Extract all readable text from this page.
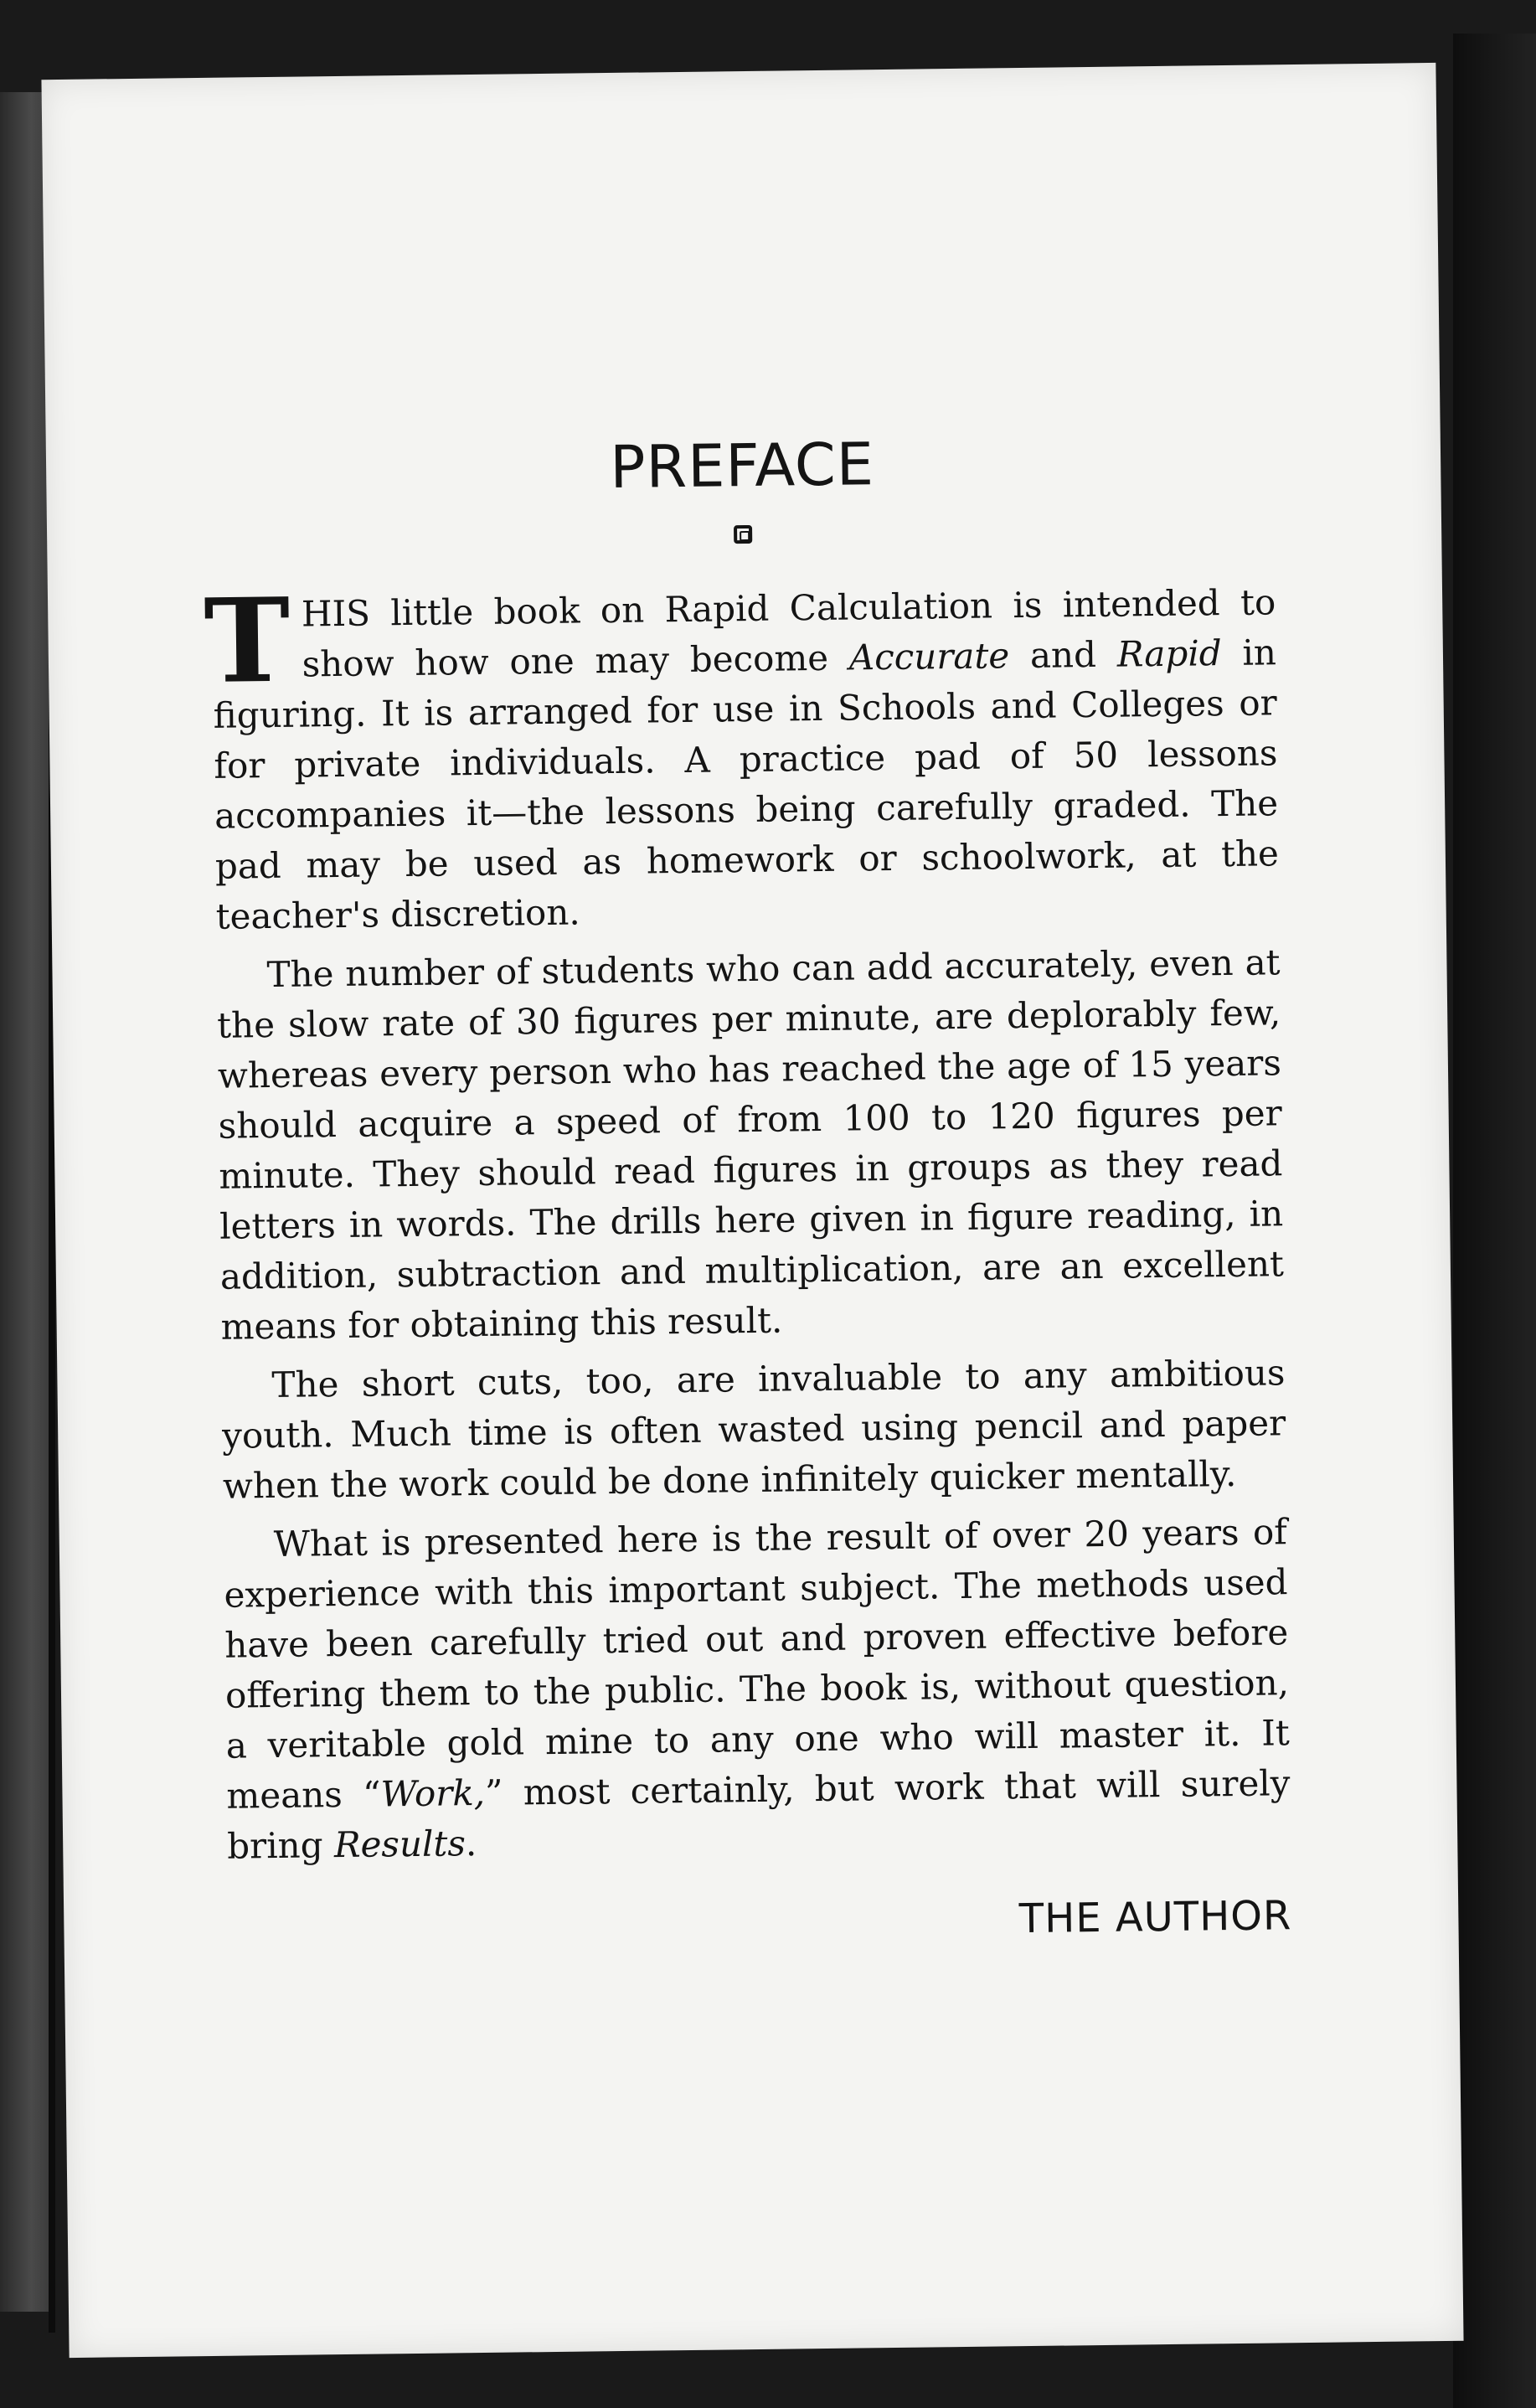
PREFACE

THIS little book on Rapid Calculation is intended to show how one may become Accurate and Rapid in figuring. It is arranged for use in Schools and Colleges or for private individuals. A practice pad of 50 lessons accompanies it—the lessons being carefully graded. The pad may be used as homework or schoolwork, at the teacher's discretion.

The number of students who can add accurately, even at the slow rate of 30 figures per minute, are deplorably few, whereas every person who has reached the age of 15 years should acquire a speed of from 100 to 120 figures per minute. They should read figures in groups as they read letters in words. The drills here given in figure reading, in addition, subtraction and multiplication, are an excellent means for obtaining this result.

The short cuts, too, are invaluable to any ambitious youth. Much time is often wasted using pencil and paper when the work could be done infinitely quicker mentally.

What is presented here is the result of over 20 years of experience with this important subject. The methods used have been carefully tried out and proven effective before offering them to the public. The book is, without question, a veritable gold mine to any one who will master it. It means “Work,” most certainly, but work that will surely bring Results.

THE AUTHOR
